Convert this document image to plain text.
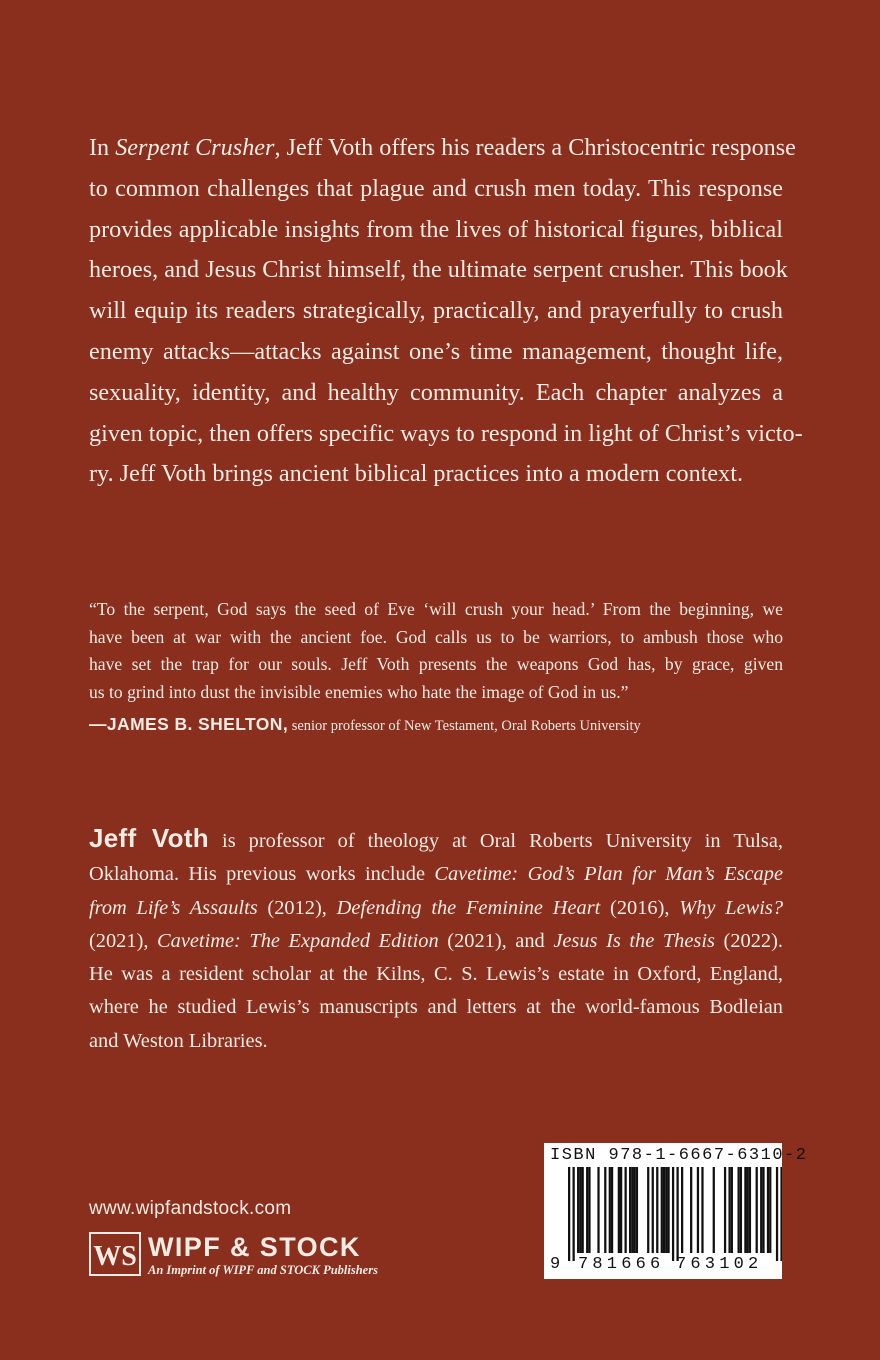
In Serpent Crusher, Jeff Voth offers his readers a Christocentric response
to common challenges that plague and crush men today. This response
provides applicable insights from the lives of historical figures, biblical
heroes, and Jesus Christ himself, the ultimate serpent crusher. This book
will equip its readers strategically, practically, and prayerfully to crush
enemy attacks—attacks against one’s time management, thought life,
sexuality, identity, and healthy community. Each chapter analyzes a
given topic, then offers specific ways to respond in light of Christ’s victo-
ry. Jeff Voth brings ancient biblical practices into a modern context.

“To the serpent, God says the seed of Eve ‘will crush your head.’ From the beginning, we
have been at war with the ancient foe. God calls us to be warriors, to ambush those who
have set the trap for our souls. Jeff Voth presents the weapons God has, by grace, given
us to grind into dust the invisible enemies who hate the image of God in us.”

—JAMES B. SHELTON, senior professor of New Testament, Oral Roberts University

Jeff Voth is professor of theology at Oral Roberts University in Tulsa,
Oklahoma. His previous works include Cavetime: God’s Plan for Man’s Escape
from Life’s Assaults (2012), Defending the Feminine Heart (2016), Why Lewis?
(2021), Cavetime: The Expanded Edition (2021), and Jesus Is the Thesis (2022).
He was a resident scholar at the Kilns, C. S. Lewis’s estate in Oxford, England,
where he studied Lewis’s manuscripts and letters at the world-famous Bodleian
and Weston Libraries.

www.wipfandstock.com
WS WIPF & STOCK
An Imprint of WIPF and STOCK Publishers
ISBN 978-1-6667-6310-2
9 781666 763102
